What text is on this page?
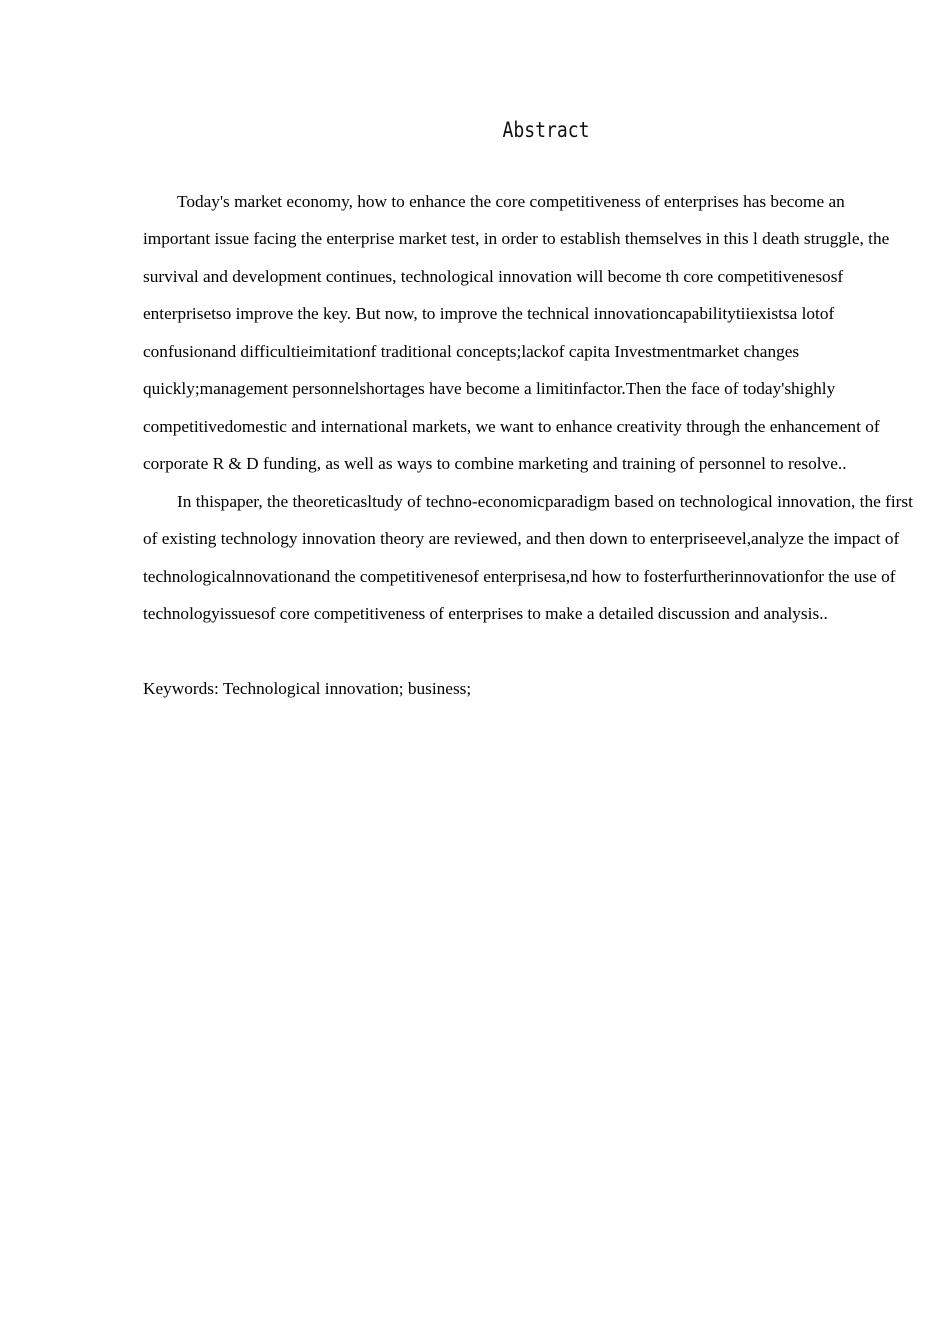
Abstract
Today's market economy, how to enhance the core competitiveness of enterprises has become an
important issue facing the enterprise market test, in order to establish themselves in this l death struggle, the
survival and development continues, technological innovation will become th core competitivenesosf
enterprisetso improve the key. But now, to improve the technical innovationcapabilitytiiexistsa lotof
confusionand difficultieimitationf traditional concepts;lackof capita Investmentmarket changes
quickly;management personnelshortages have become a limitinfactor.Then the face of today'shighly
competitivedomestic and international markets, we want to enhance creativity through the enhancement of
corporate R & D funding, as well as ways to combine marketing and training of personnel to resolve..
In thispaper, the theoreticasltudy of techno-economicparadigm based on technological innovation, the first
of existing technology innovation theory are reviewed, and then down to enterpriseevel,analyze the impact of
technologicalnnovationand the competitivenesof enterprisesa,nd how to fosterfurtherinnovationfor the use of
technologyissuesof core competitiveness of enterprises to make a detailed discussion and analysis..
Keywords: Technological innovation; business;
